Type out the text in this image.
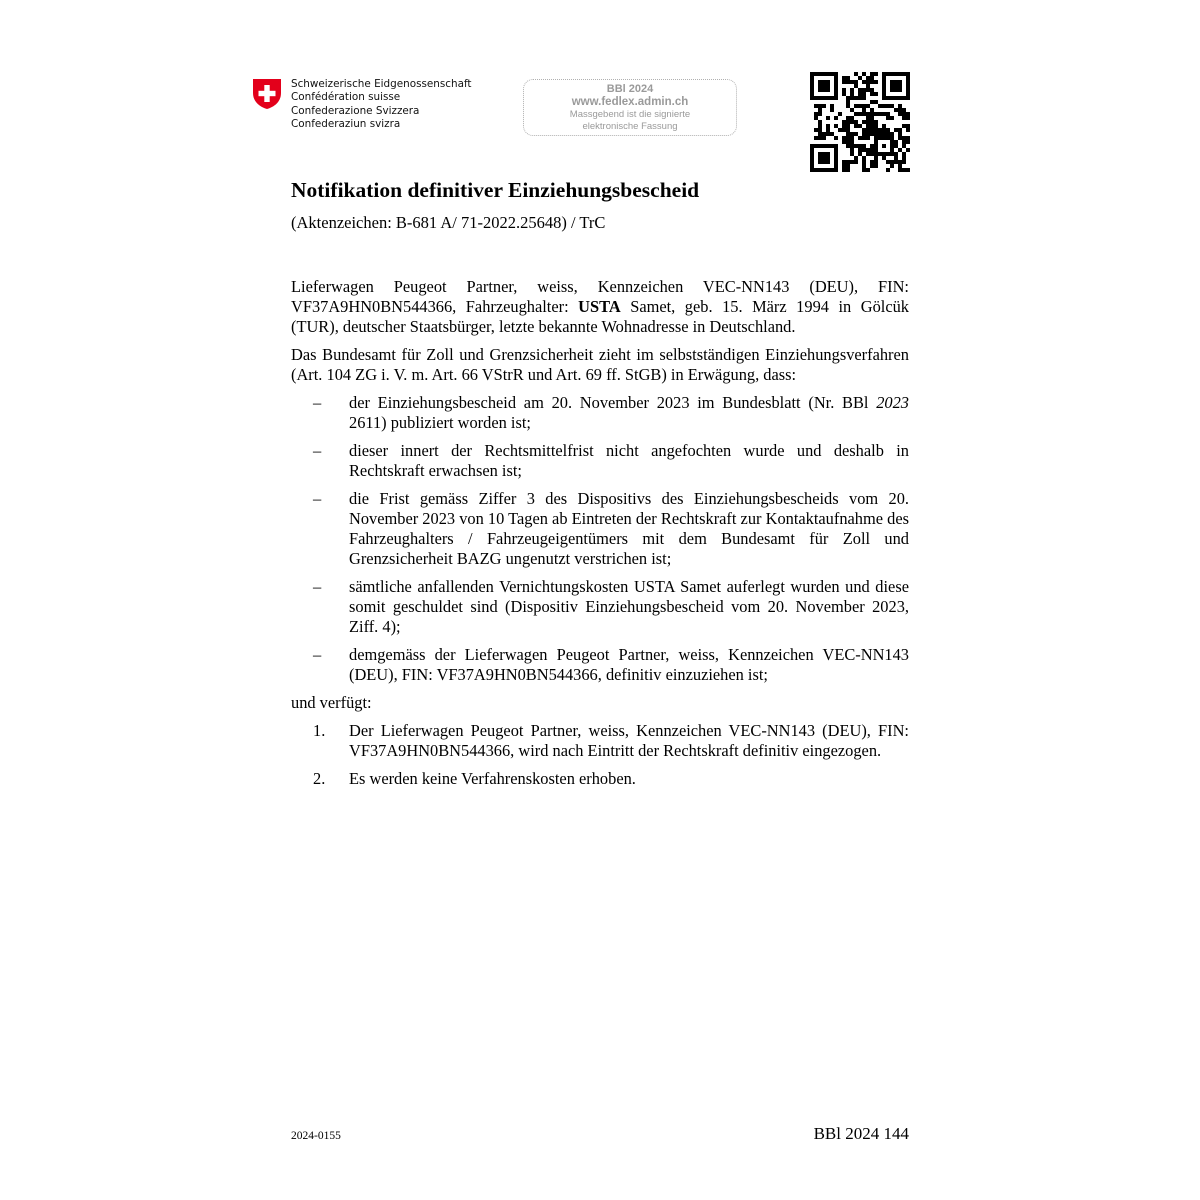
Schweizerische Eidgenossenschaft
Confédération suisse
Confederazione Svizzera
Confederaziun svizra
BBl 2024
www.fedlex.admin.ch
Massgebend ist die signierte
elektronische Fassung
Notifikation definitiver Einziehungsbescheid
(Aktenzeichen: B-681 A/ 71-2022.25648) / TrC

Lieferwagen Peugeot Partner, weiss, Kennzeichen VEC-NN143 (DEU), FIN: VF37A9HN0BN544366, Fahrzeughalter: USTA Samet, geb. 15. März 1994 in Gölcük (TUR), deutscher Staatsbürger, letzte bekannte Wohnadresse in Deutschland.

Das Bundesamt für Zoll und Grenzsicherheit zieht im selbstständigen Einziehungsverfahren (Art. 104 ZG i. V. m. Art. 66 VStrR und Art. 69 ff. StGB) in Erwägung, dass:

– der Einziehungsbescheid am 20. November 2023 im Bundesblatt (Nr. BBl 2023 2611) publiziert worden ist;
– dieser innert der Rechtsmittelfrist nicht angefochten wurde und deshalb in Rechtskraft erwachsen ist;
– die Frist gemäss Ziffer 3 des Dispositivs des Einziehungsbescheids vom 20. November 2023 von 10 Tagen ab Eintreten der Rechtskraft zur Kontaktaufnahme des Fahrzeughalters / Fahrzeugeigentümers mit dem Bundesamt für Zoll und Grenzsicherheit BAZG ungenutzt verstrichen ist;
– sämtliche anfallenden Vernichtungskosten USTA Samet auferlegt wurden und diese somit geschuldet sind (Dispositiv Einziehungsbescheid vom 20. November 2023, Ziff. 4);
– demgemäss der Lieferwagen Peugeot Partner, weiss, Kennzeichen VEC-NN143 (DEU), FIN: VF37A9HN0BN544366, definitiv einzuziehen ist;

und verfügt:

1. Der Lieferwagen Peugeot Partner, weiss, Kennzeichen VEC-NN143 (DEU), FIN: VF37A9HN0BN544366, wird nach Eintritt der Rechtskraft definitiv eingezogen.
2. Es werden keine Verfahrenskosten erhoben.
2024-0155	BBl 2024 144
